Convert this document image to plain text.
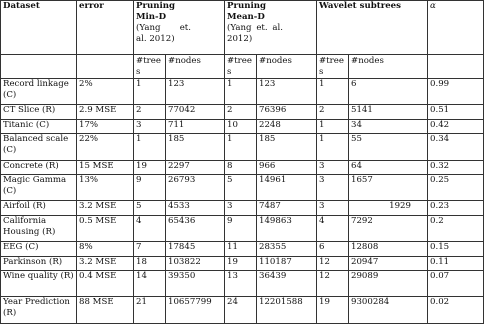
Dataset	error	Pruning
Min-D
(Yang et.
al. 2012)		Pruning
Mean-D
(Yang et. al.
2012)		Wavelet subtrees		α
		#trees	#nodes	#trees	#nodes	#trees	#nodes	
Record linkage (C)	2%	1	123	1	123	1	6	0.99
CT Slice (R)	2.9 MSE	2	77042	2	76396	2	5141	0.51
Titanic (C)	17%	3	711	10	2248	1	34	0.42
Balanced scale (C)	22%	1	185	1	185	1	55	0.34
Concrete (R)	15 MSE	19	2297	8	966	3	64	0.32
Magic Gamma (C)	13%	9	26793	5	14961	3	1657	0.25
Airfoil (R)	3.2 MSE	5	4533	3	7487	3	1929	0.23
California Housing (R)	0.5 MSE	4	65436	9	149863	4	7292	0.2
EEG (C)	8%	7	17845	11	28355	6	12808	0.15
Parkinson (R)	3.2 MSE	18	103822	19	110187	12	20947	0.11

Wine quality (R)	0.4 MSE	14	39350	13	36439	12	29089	0.07
Year Prediction (R)	88 MSE	21	10657799	24	12201588	19	9300284	0.02
